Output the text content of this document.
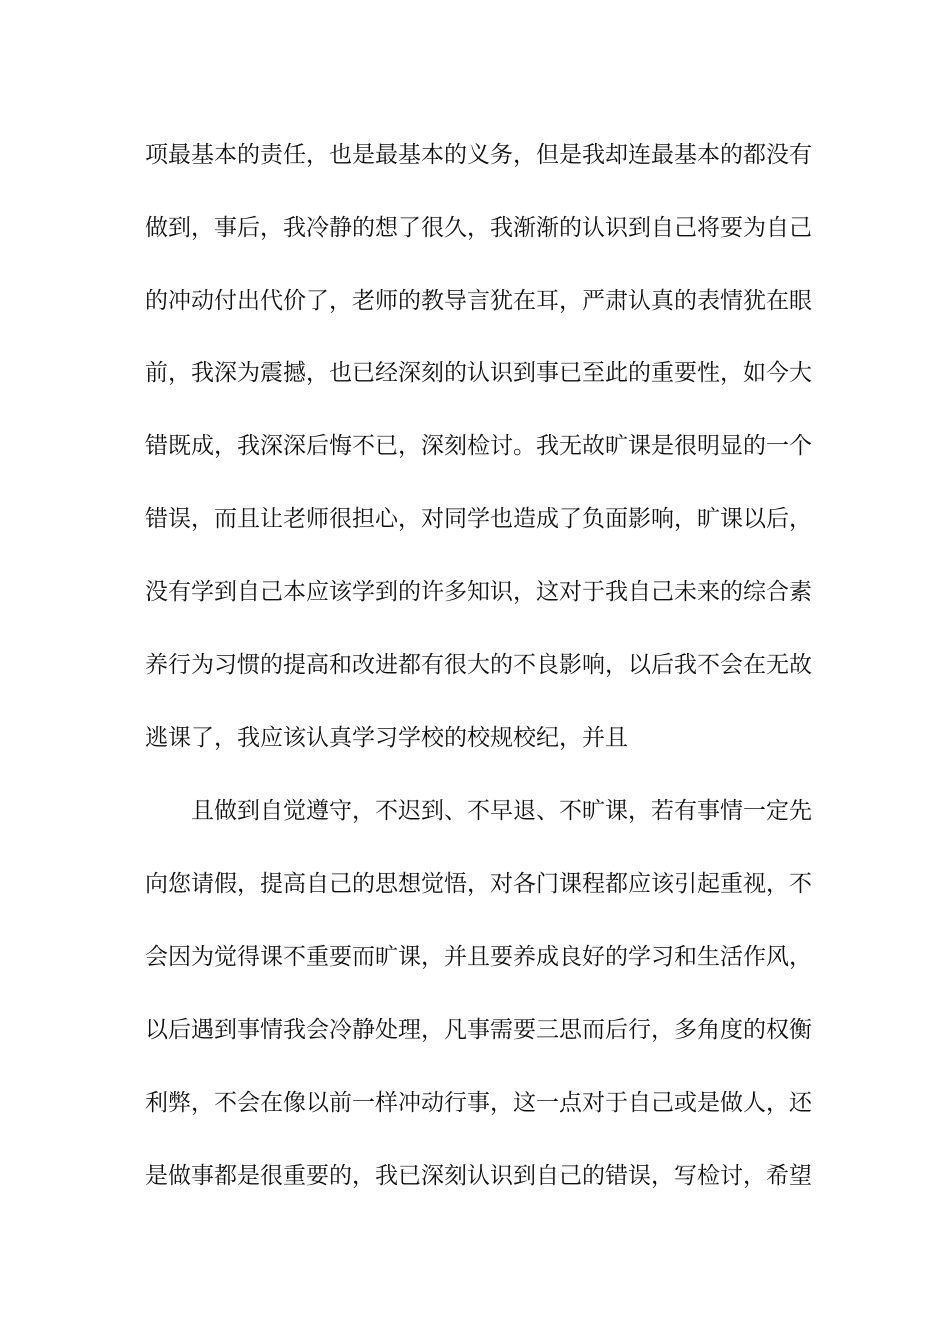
项最基本的责任，也是最基本的义务，但是我却连最基本的都没有
做到，事后，我冷静的想了很久，我渐渐的认识到自己将要为自己
的冲动付出代价了，老师的教导言犹在耳，严肃认真的表情犹在眼
前，我深为震撼，也已经深刻的认识到事已至此的重要性，如今大
错既成，我深深后悔不已，深刻检讨。我无故旷课是很明显的一个
错误，而且让老师很担心，对同学也造成了负面影响，旷课以后，
没有学到自己本应该学到的许多知识，这对于我自己未来的综合素
养行为习惯的提高和改进都有很大的不良影响，以后我不会在无故
逃课了，我应该认真学习学校的校规校纪，并且
且做到自觉遵守，不迟到、不早退、不旷课，若有事情一定先
向您请假，提高自己的思想觉悟，对各门课程都应该引起重视，不
会因为觉得课不重要而旷课，并且要养成良好的学习和生活作风，
以后遇到事情我会冷静处理，凡事需要三思而后行，多角度的权衡
利弊，不会在像以前一样冲动行事，这一点对于自己或是做人，还
是做事都是很重要的，我已深刻认识到自己的错误，写检讨，希望
